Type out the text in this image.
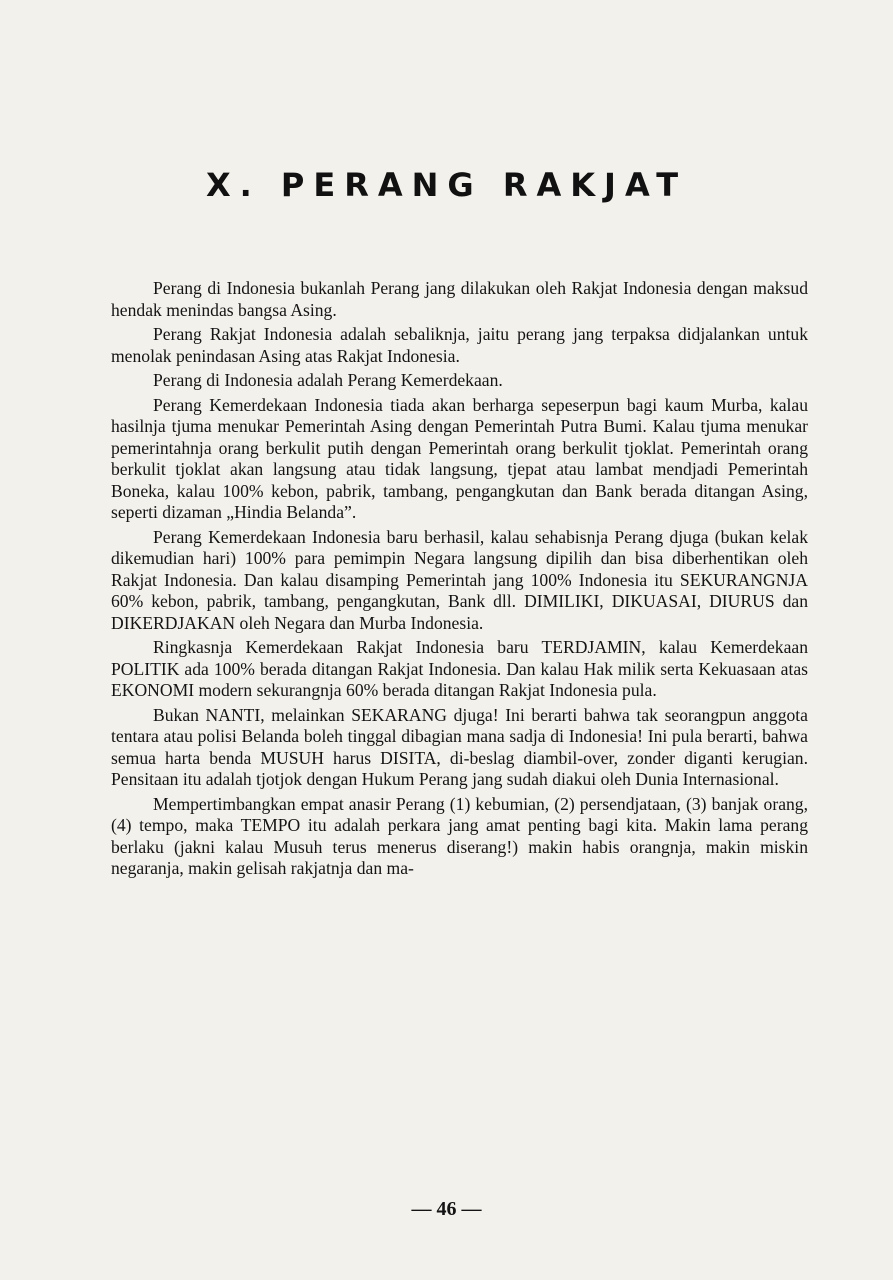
X. PERANG RAKJAT

Perang di Indonesia bukanlah Perang jang dilakukan oleh Rakjat Indonesia dengan maksud hendak menindas bangsa Asing.

Perang Rakjat Indonesia adalah sebaliknja, jaitu perang jang terpaksa didjalankan untuk menolak penindasan Asing atas Rakjat Indonesia.

Perang di Indonesia adalah Perang Kemerdekaan.

Perang Kemerdekaan Indonesia tiada akan berharga sepeserpun bagi kaum Murba, kalau hasilnja tjuma menukar Pemerintah Asing dengan Pemerintah Putra Bumi. Kalau tjuma menukar pemerintahnja orang berkulit putih dengan Pemerintah orang berkulit tjoklat. Pemerintah orang berkulit tjoklat akan langsung atau tidak langsung, tjepat atau lambat mendjadi Pemerintah Boneka, kalau 100% kebon, pabrik, tambang, pengangkutan dan Bank berada ditangan Asing, seperti dizaman „Hindia Belanda”.

Perang Kemerdekaan Indonesia baru berhasil, kalau sehabisnja Perang djuga (bukan kelak dikemudian hari) 100% para pemimpin Negara langsung dipilih dan bisa diberhentikan oleh Rakjat Indonesia. Dan kalau disamping Pemerintah jang 100% Indonesia itu SEKURANGNJA 60% kebon, pabrik, tambang, pengangkutan, Bank dll. DIMILIKI, DIKUASAI, DIURUS dan DIKERDJAKAN oleh Negara dan Murba Indonesia.

Ringkasnja Kemerdekaan Rakjat Indonesia baru TERDJAMIN, kalau Kemerdekaan POLITIK ada 100% berada ditangan Rakjat Indonesia. Dan kalau Hak milik serta Kekuasaan atas EKONOMI modern sekurangnja 60% berada ditangan Rakjat Indonesia pula.

Bukan NANTI, melainkan SEKARANG djuga! Ini berarti bahwa tak seorangpun anggota tentara atau polisi Belanda boleh tinggal dibagian mana sadja di Indonesia! Ini pula berarti, bahwa semua harta benda MUSUH harus DISITA, di-beslag diambil-over, zonder diganti kerugian. Pensitaan itu adalah tjotjok dengan Hukum Perang jang sudah diakui oleh Dunia Internasional.

Mempertimbangkan empat anasir Perang (1) kebumian, (2) persendjataan, (3) banjak orang, (4) tempo, maka TEMPO itu adalah perkara jang amat penting bagi kita. Makin lama perang berlaku (jakni kalau Musuh terus menerus diserang!) makin habis orangnja, makin miskin negaranja, makin gelisah rakjatnja dan ma-

— 46 —
